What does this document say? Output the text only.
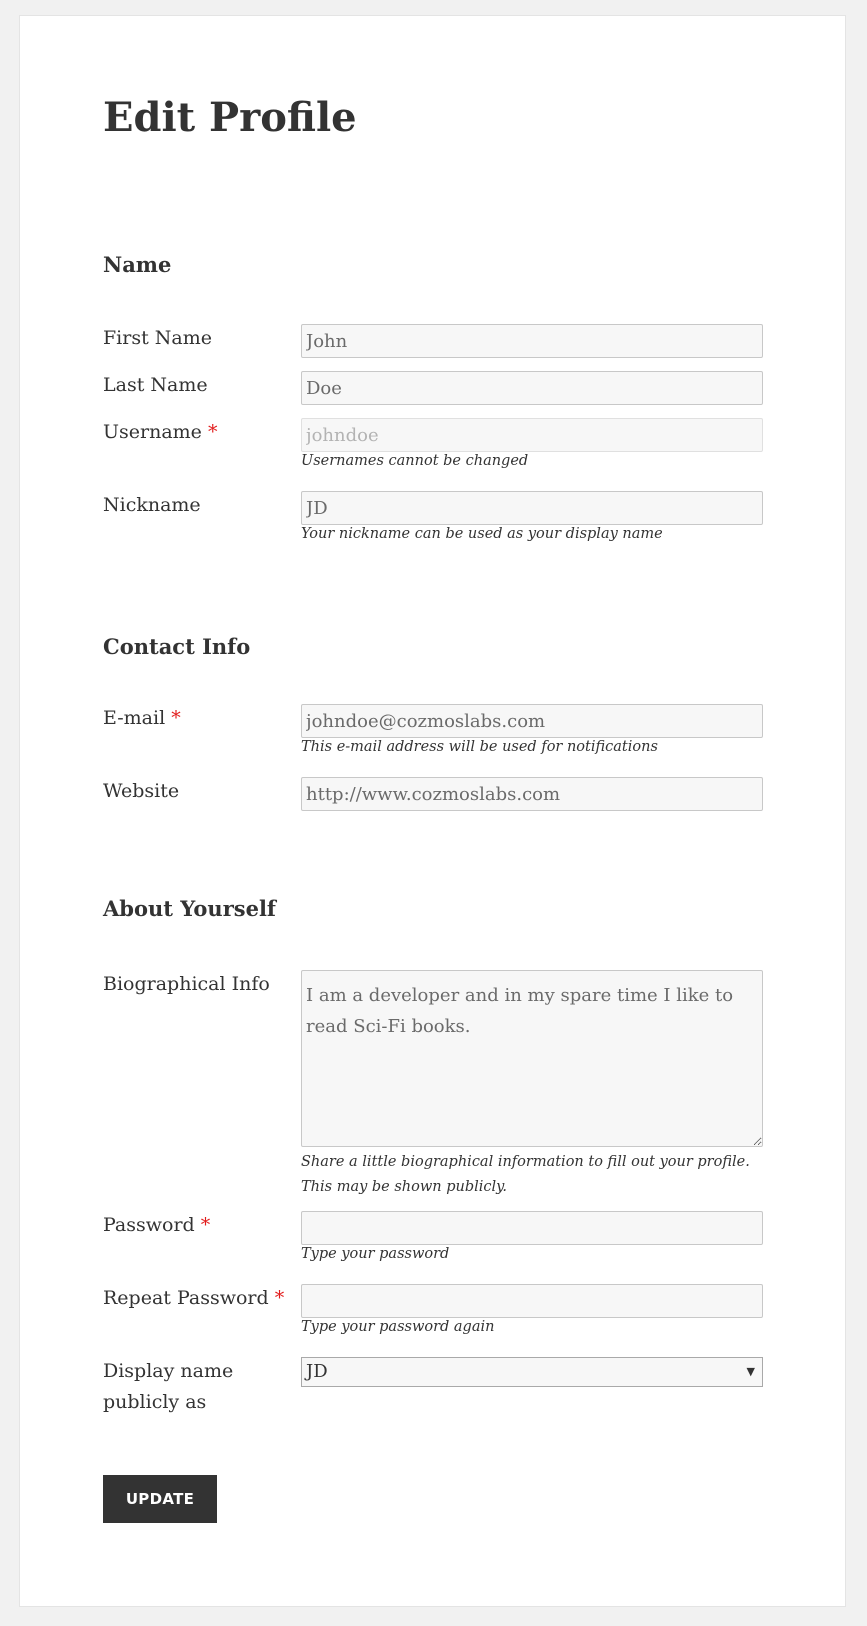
Edit Profile
Name
First Name
John
Last Name
Doe
Username *
johndoe
Usernames cannot be changed
Nickname
JD
Your nickname can be used as your display name
Contact Info
E-mail *
johndoe@cozmoslabs.com
This e-mail address will be used for notifications
Website
http://www.cozmoslabs.com
About Yourself
Biographical Info
I am a developer and in my spare time I like to read Sci-Fi books.
Share a little biographical information to fill out your profile.
This may be shown publicly.
Password *
Type your password
Repeat Password *
Type your password again
Display name publicly as
JD	▼
UPDATE
